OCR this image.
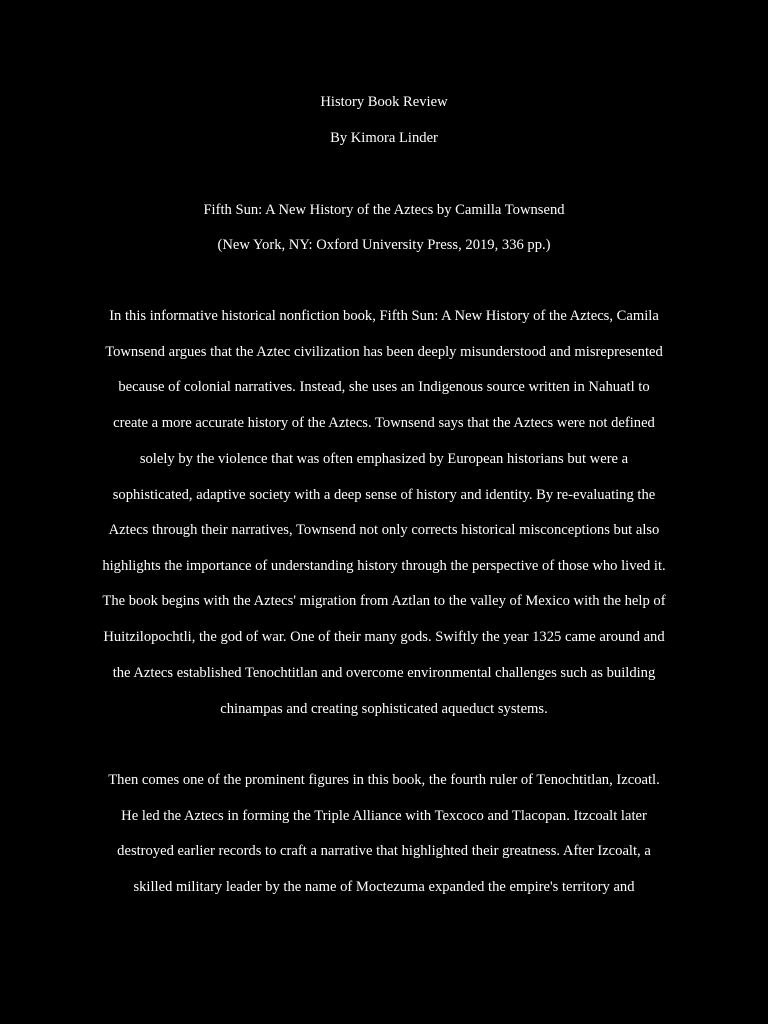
History Book Review
By Kimora Linder
Fifth Sun: A New History of the Aztecs by Camilla Townsend
(New York, NY: Oxford University Press, 2019, 336 pp.)
In this informative historical nonfiction book, Fifth Sun: A New History of the Aztecs, Camila
Townsend argues that the Aztec civilization has been deeply misunderstood and misrepresented
because of colonial narratives. Instead, she uses an Indigenous source written in Nahuatl to
create a more accurate history of the Aztecs. Townsend says that the Aztecs were not defined
solely by the violence that was often emphasized by European historians but were a
sophisticated, adaptive society with a deep sense of history and identity. By re-evaluating the
Aztecs through their narratives, Townsend not only corrects historical misconceptions but also
highlights the importance of understanding history through the perspective of those who lived it.
The book begins with the Aztecs' migration from Aztlan to the valley of Mexico with the help of
Huitzilopochtli, the god of war. One of their many gods. Swiftly the year 1325 came around and
the Aztecs established Tenochtitlan and overcome environmental challenges such as building
chinampas and creating sophisticated aqueduct systems.
Then comes one of the prominent figures in this book, the fourth ruler of Tenochtitlan, Izcoatl.
He led the Aztecs in forming the Triple Alliance with Texcoco and Tlacopan. Itzcoalt later
destroyed earlier records to craft a narrative that highlighted their greatness. After Izcoalt, a
skilled military leader by the name of Moctezuma expanded the empire's territory and
